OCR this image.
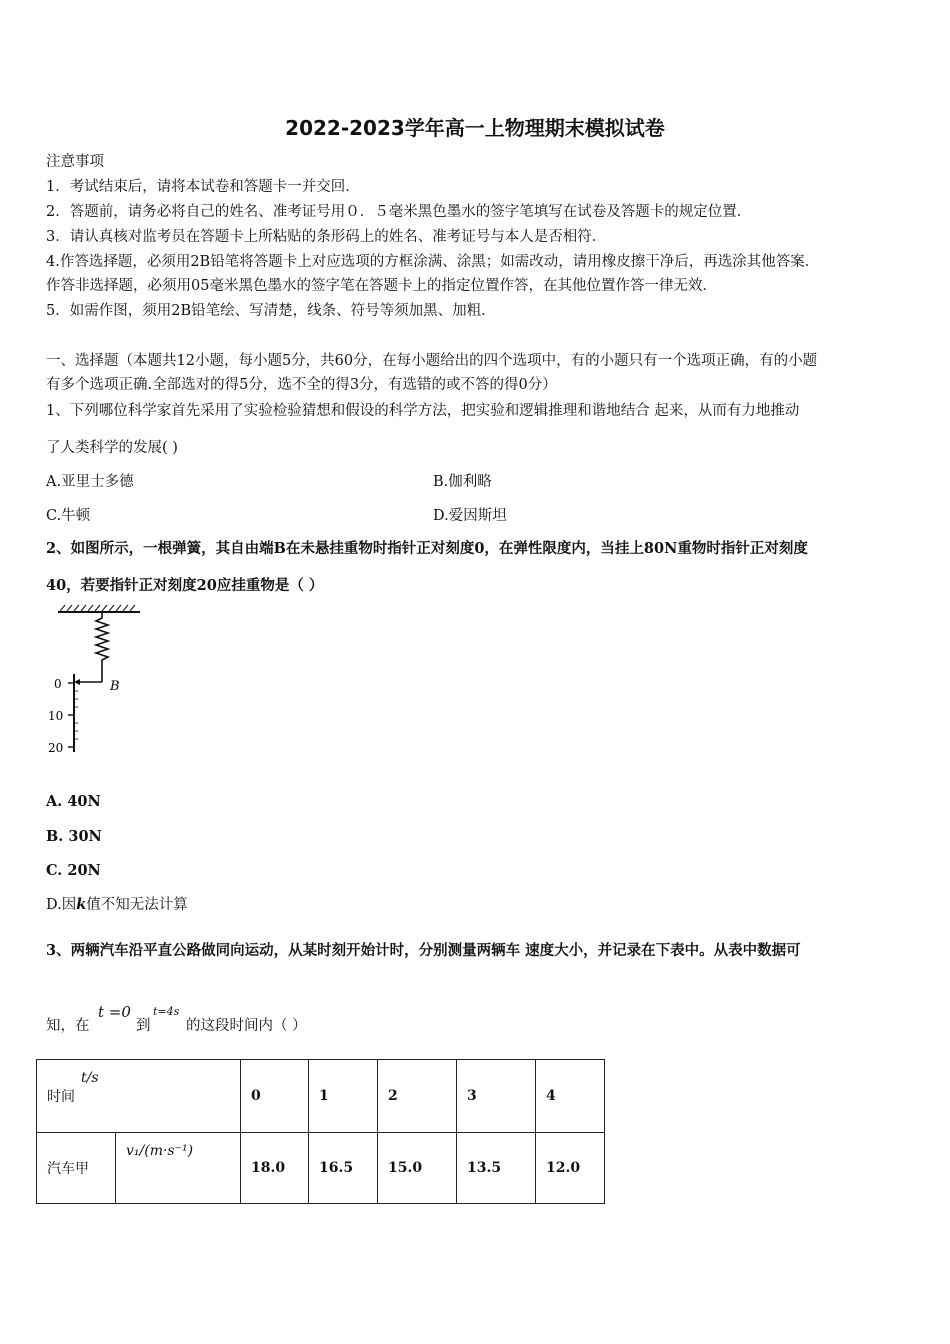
2022-2023学年高一上物理期末模拟试卷
注意事项
1．考试结束后，请将本试卷和答题卡一并交回．
2．答题前，请务必将自己的姓名、准考证号用０．５毫米黑色墨水的签字笔填写在试卷及答题卡的规定位置．
3．请认真核对监考员在答题卡上所粘贴的条形码上的姓名、准考证号与本人是否相符．
4.作答选择题，必须用2B铅笔将答题卡上对应选项的方框涂满、涂黑；如需改动，请用橡皮擦干净后，再选涂其他答案．
作答非选择题，必须用05毫米黑色墨水的签字笔在答题卡上的指定位置作答，在其他位置作答一律无效．
5．如需作图，须用2B铅笔绘、写清楚，线条、符号等须加黑、加粗．
一、选择题（本题共12小题，每小题5分，共60分，在每小题给出的四个选项中，有的小题只有一个选项正确，有的小题
有多个选项正确.全部选对的得5分，选不全的得3分，有选错的或不答的得0分）
1、下列哪位科学家首先采用了实验检验猜想和假设的科学方法，把实验和逻辑推理和谐地结合 起来，从而有力地推动
了人类科学的发展( )
A.亚里士多德	B.伽利略
C.牛顿	D.爱因斯坦
2、如图所示，一根弹簧，其自由端B在未悬挂重物时指针正对刻度0，在弹性限度内，当挂上80N重物时指针正对刻度
40，若要指针正对刻度20应挂重物是（ ）
0
10
20
B
A. 40N
B. 30N
C. 20N
D.因k值不知无法计算
3、两辆汽车沿平直公路做同向运动，从某时刻开始计时，分别测量两辆车 速度大小，并记录在下表中。从表中数据可
知，在
t =0
到
t=4s
的这段时间内（ ）
时间
t/s		0	1	2	3	4
汽车甲	v₁/(m·s⁻¹)	18.0	16.5	15.0	13.5	12.0
